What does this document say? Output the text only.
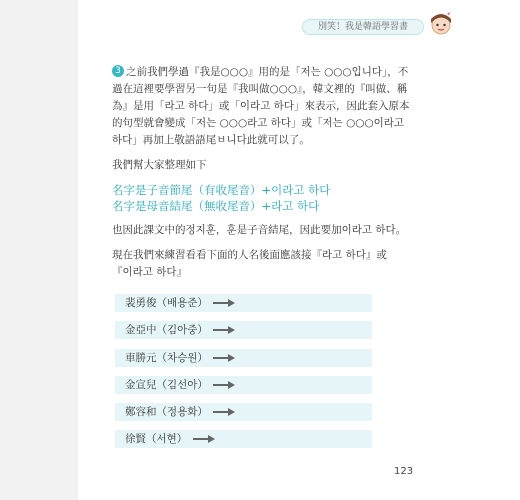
別笑！我是韓語學習書
3 之前我們學過『我是○○○』用的是「저는 ○○○입니다」，不過在這裡要學習另一句是『我叫做○○○』，韓文裡的『叫做、稱為』是用「라고 하다」或「이라고 하다」來表示，因此套入原本的句型就會變成「저는 ○○○라고 하다」或「저는 ○○○이라고 하다」再加上敬語語尾ㅂ니다此就可以了。
我們幫大家整理如下
名字是子音節尾（有收尾音）+이라고 하다
名字是母音結尾（無收尾音）+라고 하다
也因此課文中的정지훈，훈是子音結尾，因此要加이라고 하다。
現在我們來練習看看下面的人名後面應該接『라고 하다』或
『이라고 하다』
裴勇俊（배용준）
金亞中（김아중）
車勝元（차승원）
金宣兒（김선아）
鄭容和（정용화）
徐賢（서현）
123
